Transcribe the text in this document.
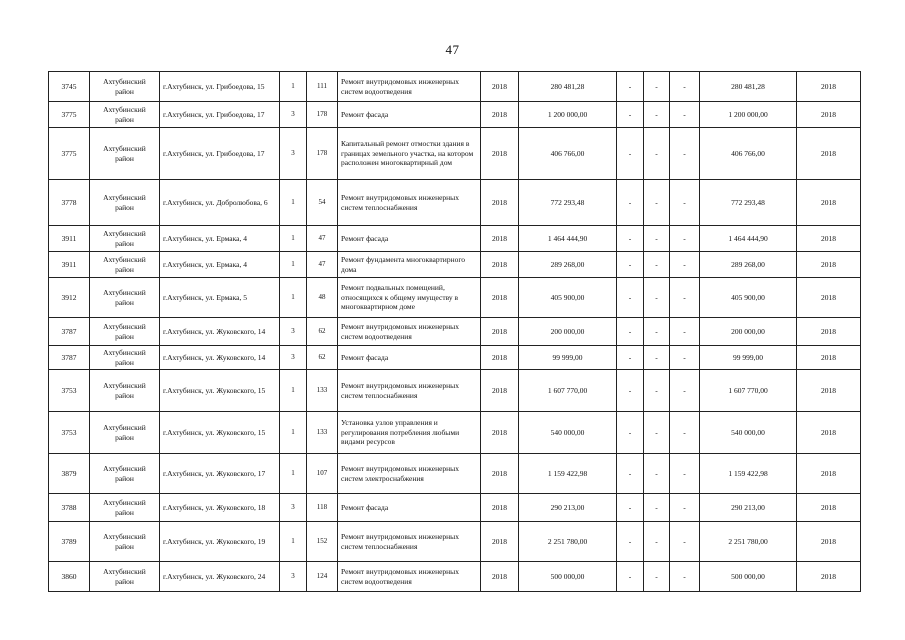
47
3745	Ахтубинский район	г.Ахтубинск, ул. Грибоедова, 15	1	111	Ремонт внутридомовых инженерных систем водоотведения	2018	280 481,28	-	-	-	280 481,28	2018
3775	Ахтубинский район	г.Ахтубинск, ул. Грибоедова, 17	3	178	Ремонт фасада	2018	1 200 000,00	-	-	-	1 200 000,00	2018
3775	Ахтубинский район	г.Ахтубинск, ул. Грибоедова, 17	3	178	Капитальный ремонт отмостки здания в границах земельного участка, на котором расположен многоквартирный дом	2018	406 766,00	-	-	-	406 766,00	2018
3778	Ахтубинский район	г.Ахтубинск, ул. Добролюбова, 6	1	54	Ремонт внутридомовых инженерных систем теплоснабжения	2018	772 293,48	-	-	-	772 293,48	2018
3911	Ахтубинский район	г.Ахтубинск, ул. Ермака, 4	1	47	Ремонт фасада	2018	1 464 444,90	-	-	-	1 464 444,90	2018
3911	Ахтубинский район	г.Ахтубинск, ул. Ермака, 4	1	47	Ремонт фундамента многоквартирного дома	2018	289 268,00	-	-	-	289 268,00	2018
3912	Ахтубинский район	г.Ахтубинск, ул. Ермака, 5	1	48	Ремонт подвальных помещений, относящихся к общему имуществу в многоквартирном доме	2018	405 900,00	-	-	-	405 900,00	2018
3787	Ахтубинский район	г.Ахтубинск, ул. Жуковского, 14	3	62	Ремонт внутридомовых инженерных систем водоотведения	2018	200 000,00	-	-	-	200 000,00	2018
3787	Ахтубинский район	г.Ахтубинск, ул. Жуковского, 14	3	62	Ремонт фасада	2018	99 999,00	-	-	-	99 999,00	2018
3753	Ахтубинский район	г.Ахтубинск, ул. Жуковского, 15	1	133	Ремонт внутридомовых инженерных систем теплоснабжения	2018	1 607 770,00	-	-	-	1 607 770,00	2018
3753	Ахтубинский район	г.Ахтубинск, ул. Жуковского, 15	1	133	Установка узлов управления и регулирования потребления любыми видами ресурсов	2018	540 000,00	-	-	-	540 000,00	2018
3879	Ахтубинский район	г.Ахтубинск, ул. Жуковского, 17	1	107	Ремонт внутридомовых инженерных систем электроснабжения	2018	1 159 422,98	-	-	-	1 159 422,98	2018
3788	Ахтубинский район	г.Ахтубинск, ул. Жуковского, 18	3	118	Ремонт фасада	2018	290 213,00	-	-	-	290 213,00	2018
3789	Ахтубинский район	г.Ахтубинск, ул. Жуковского, 19	1	152	Ремонт внутридомовых инженерных систем теплоснабжения	2018	2 251 780,00	-	-	-	2 251 780,00	2018
3860	Ахтубинский район	г.Ахтубинск, ул. Жуковского, 24	3	124	Ремонт внутридомовых инженерных систем водоотведения	2018	500 000,00	-	-	-	500 000,00	2018
